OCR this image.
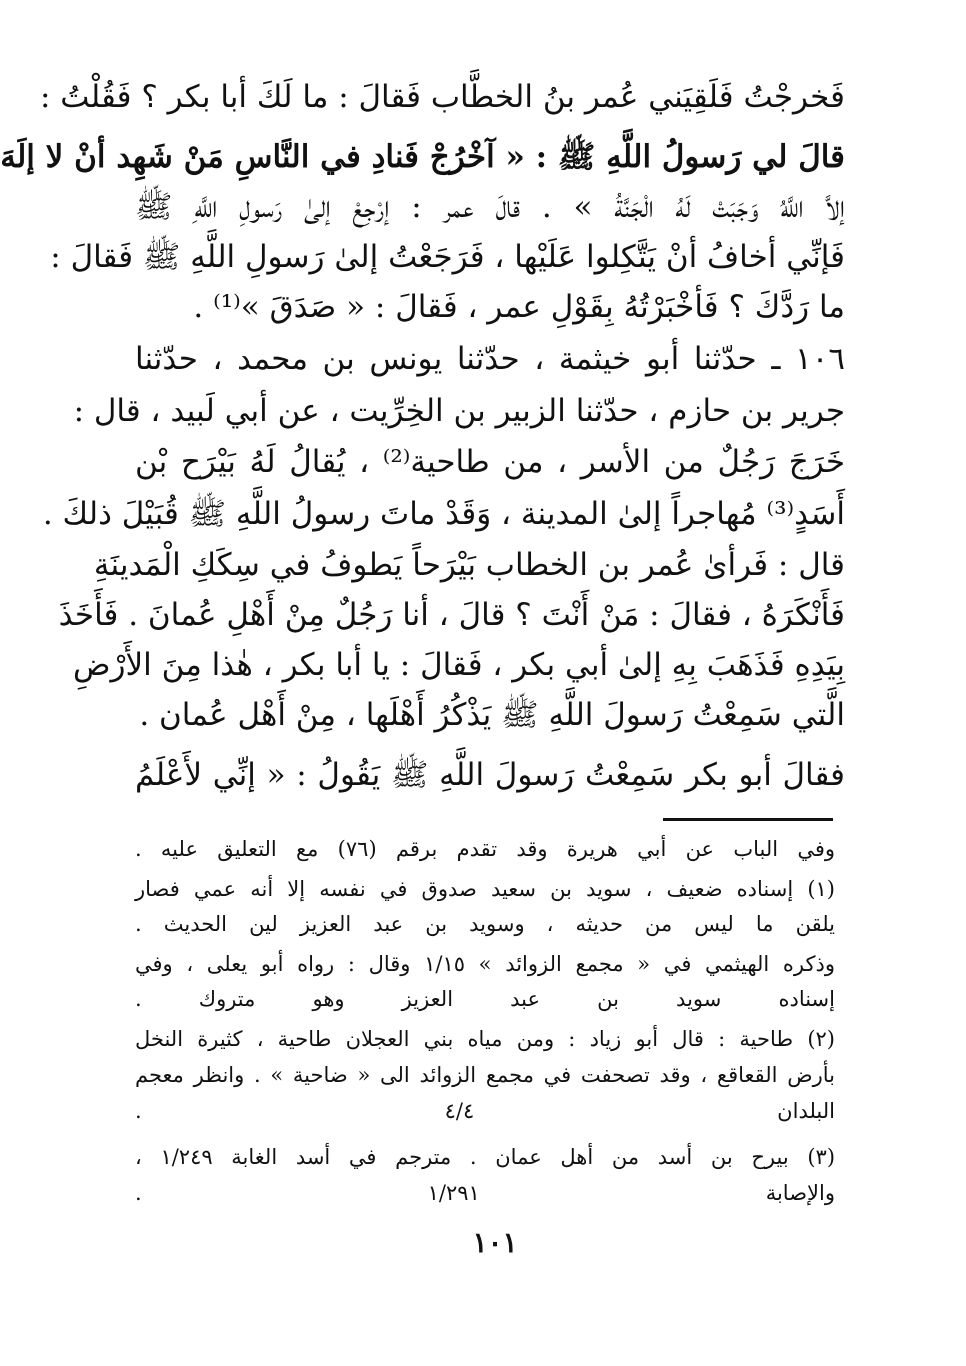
فَخرجْتُ فَلَقِيَني عُمر بنُ الخطَّاب فَقالَ : ما لَكَ أبا بكر ؟ فَقُلْتُ :
قالَ لي رَسولُ اللَّهِ ﷺ : « آخْرُجْ فَنادِ في النَّاسِ مَنْ شَهِد أنْ لا إلَهَ
إلاَّ اللَّهُ وَجَبَتْ لَهُ الْجَنَّةُ » . قالَ عمر : إرْجِعْ إلىٰ رَسولِ اللَّهِ ﷺ
فَإنِّي أخافُ أنْ يَتَّكِلوا عَلَيْها ، فَرَجَعْتُ إلىٰ رَسولِ اللَّهِ ﷺ فَقالَ :
ما رَدَّكَ ؟ فَأخْبَرْتُهُ بِقَوْلِ عمر ، فَقالَ : « صَدَقَ »⁽¹⁾ .
١٠٦ ـ حدّثنا أبو خيثمة ، حدّثنا يونس بن محمد ، حدّثنا
جرير بن حازم ، حدّثنا الزبير بن الخِرِّيت ، عن أبي لَبيد ، قال :
خَرَجَ رَجُلٌ من الأسر ، من طاحية⁽²⁾ ، يُقالُ لَهُ بَيْرَح بْن
أَسَدٍ⁽³⁾ مُهاجراً إلىٰ المدينة ، وَقَدْ ماتَ رسولُ اللَّهِ ﷺ قُبَيْلَ ذلكَ .
قال : فَرأىٰ عُمر بن الخطاب بَيْرَحاً يَطوفُ في سِكَكِ الْمَدينَةِ
فَأَنْكَرَهُ ، فقالَ : مَنْ أَنْتَ ؟ قالَ ، أنا رَجُلٌ مِنْ أَهْلِ عُمانَ . فَأَخَذَ
بِيَدِهِ فَذَهَبَ بِهِ إلىٰ أبي بكر ، فَقالَ : يا أبا بكر ، هٰذا مِنَ الأَرْضِ
الَّتي سَمِعْتُ رَسولَ اللَّهِ ﷺ يَذْكُرُ أَهْلَها ، مِنْ أَهْل عُمان .
فقالَ أبو بكر سَمِعْتُ رَسولَ اللَّهِ ﷺ يَقُولُ : « إنِّي لأَعْلَمُ
وفي الباب عن أبي هريرة وقد تقدم برقم (٧٦) مع التعليق عليه .
(١) إسناده ضعيف ، سويد بن سعيد صدوق في نفسه إلا أنه عمي فصار
يلقن ما ليس من حديثه ، وسويد بن عبد العزيز لين الحديث .
وذكره الهيثمي في « مجمع الزوائد » ١/١٥ وقال : رواه أبو يعلى ، وفي
إسناده سويد بن عبد العزيز وهو متروك .
(٢) طاحية : قال أبو زياد : ومن مياه بني العجلان طاحية ، كثيرة النخل
بأرض القعاقع ، وقد تصحفت في مجمع الزوائد الى « ضاحية » . وانظر معجم
البلدان ٤/٤ .
(٣) بيرح بن أسد من أهل عمان . مترجم في أسد الغابة ١/٢٤٩ ،
والإصابة ١/٢٩١ .
١٠١
